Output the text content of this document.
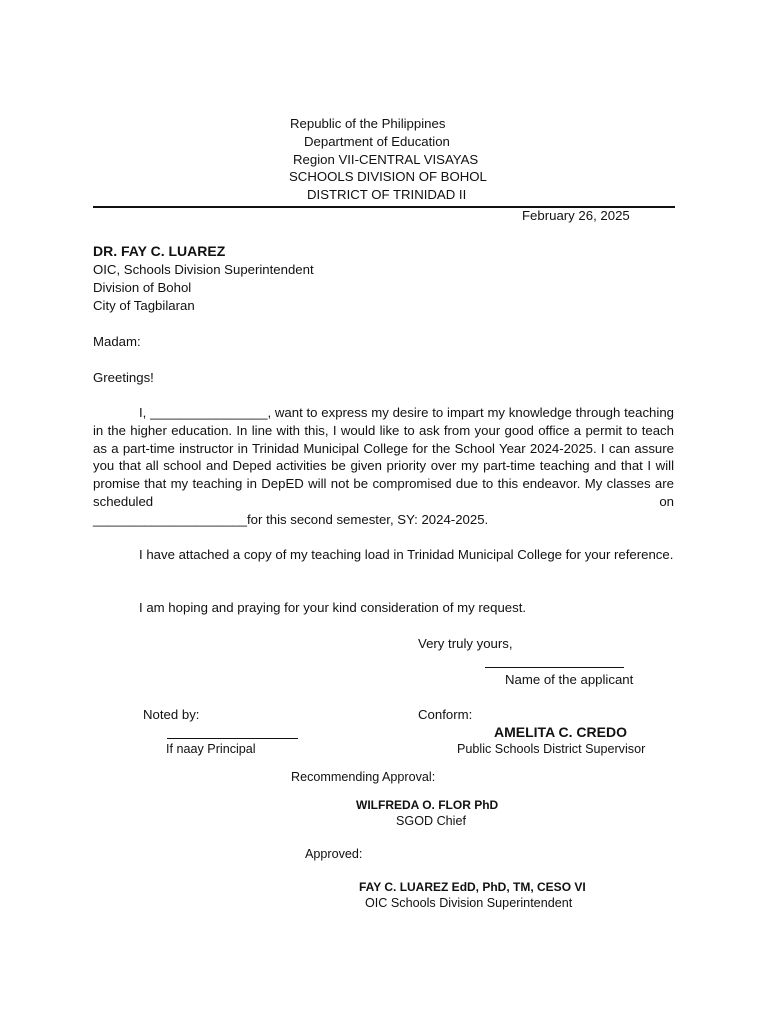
Republic of the Philippines
Department of Education
Region VII-CENTRAL VISAYAS
SCHOOLS DIVISION OF BOHOL
DISTRICT OF TRINIDAD II
February 26, 2025
DR. FAY C. LUAREZ
OIC, Schools Division Superintendent
Division of Bohol
City of Tagbilaran
Madam:
Greetings!

I, ________________, want to express my desire to impart my knowledge through teaching in the higher education. In line with this, I would like to ask from your good office a permit to teach as a part-time instructor in Trinidad Municipal College for the School Year 2024-2025. I can assure you that all school and Deped activities be given priority over my part-time teaching and that I will promise that my teaching in DepED will not be compromised due to this endeavor. My classes are scheduled on

_____________________for this second semester, SY: 2024-2025.

I have attached a copy of my teaching load in Trinidad Municipal College for your reference.

I am hoping and praying for your kind consideration of my request.
Very truly yours,
Name of the applicant
Noted by:	Conform:
AMELITA C. CREDO
If naay Principal	Public Schools District Supervisor
Recommending Approval:
WILFREDA O. FLOR PhD
SGOD Chief
Approved:
FAY C. LUAREZ EdD, PhD, TM, CESO VI
OIC Schools Division Superintendent
